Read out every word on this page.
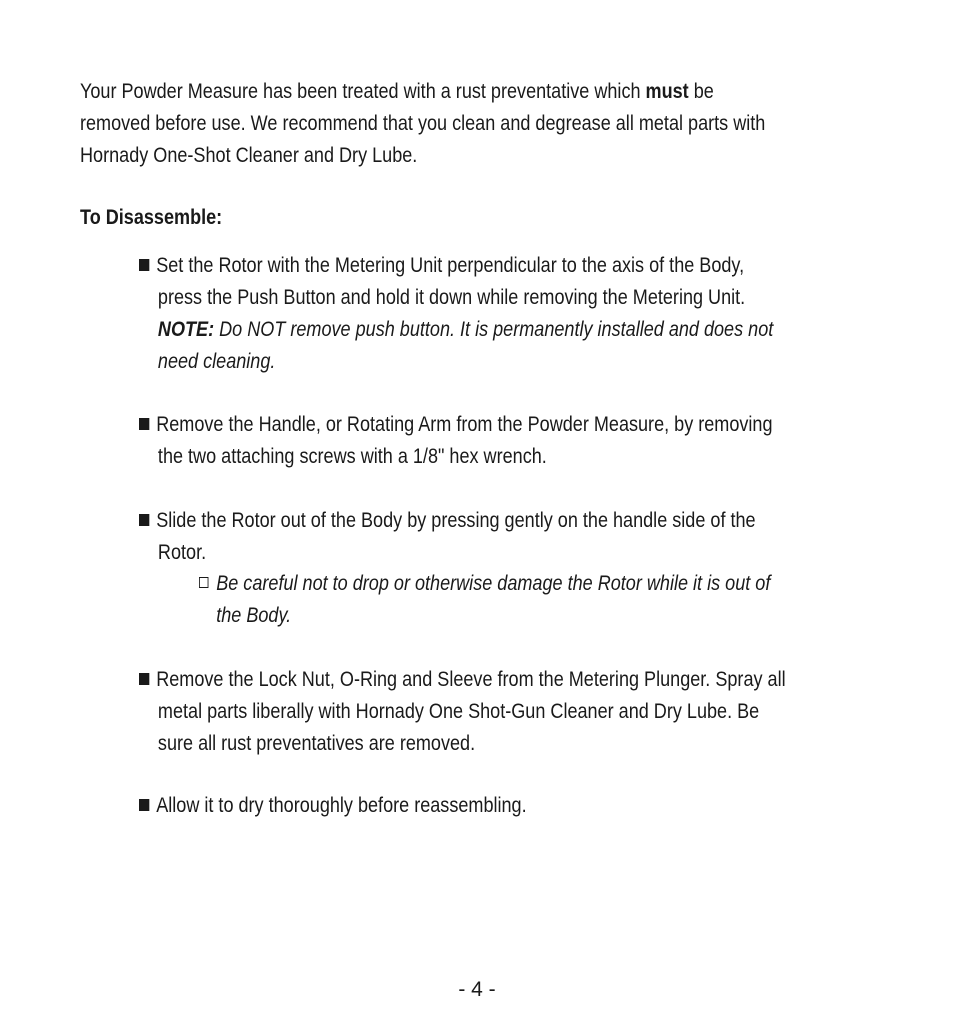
Your Powder Measure has been treated with a rust preventative which must be
removed before use. We recommend that you clean and degrease all metal parts with
Hornady One-Shot Cleaner and Dry Lube.
To Disassemble:
Set the Rotor with the Metering Unit perpendicular to the axis of the Body,
press the Push Button and hold it down while removing the Metering Unit.
NOTE: Do NOT remove push button. It is permanently installed and does not
need cleaning.
Remove the Handle, or Rotating Arm from the Powder Measure, by removing
the two attaching screws with a 1/8" hex wrench.
Slide the Rotor out of the Body by pressing gently on the handle side of the
Rotor.
Be careful not to drop or otherwise damage the Rotor while it is out of
the Body.
Remove the Lock Nut, O-Ring and Sleeve from the Metering Plunger. Spray all
metal parts liberally with Hornady One Shot-Gun Cleaner and Dry Lube. Be
sure all rust preventatives are removed.
Allow it to dry thoroughly before reassembling.
- 4 -
